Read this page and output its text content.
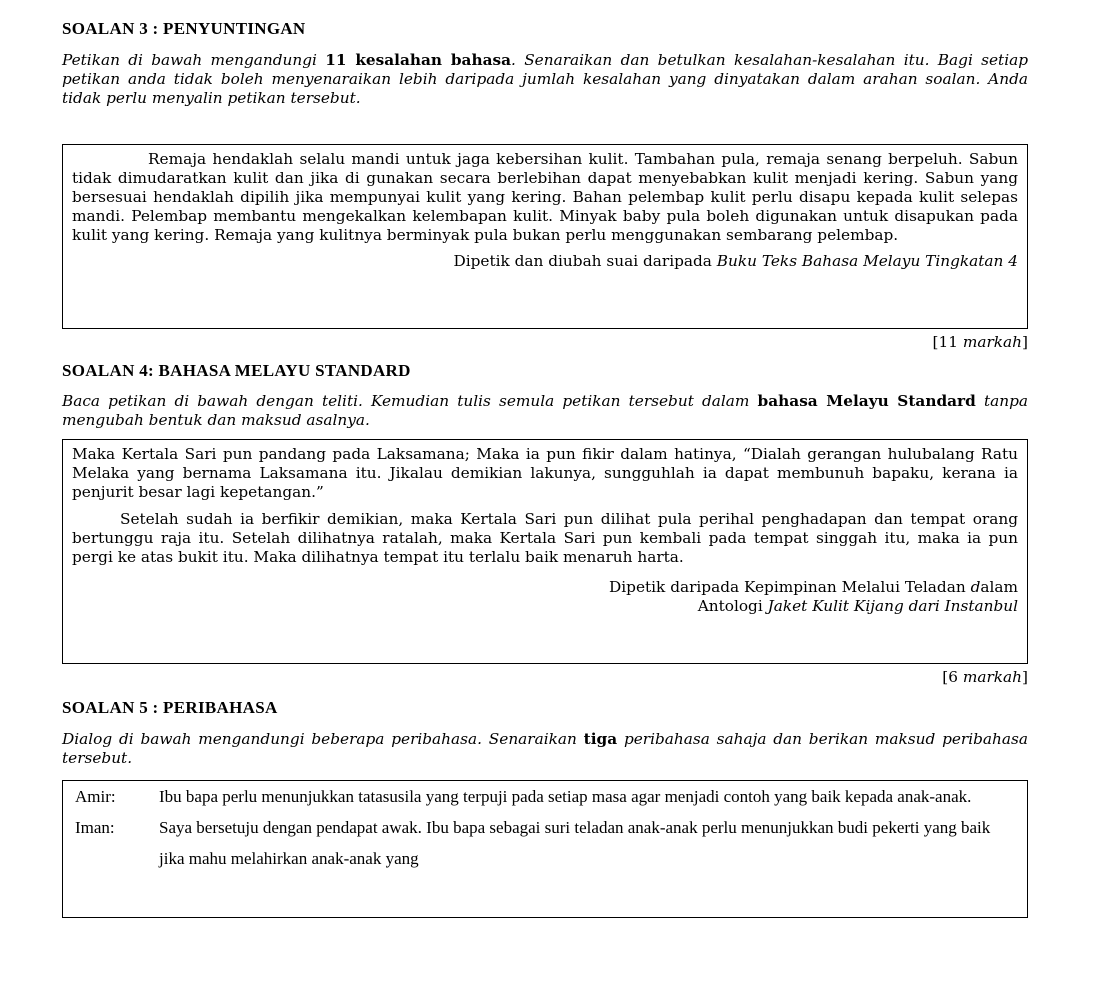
SOALAN 3 : PENYUNTINGAN

Petikan di bawah mengandungi 11 kesalahan bahasa. Senaraikan dan betulkan kesalahan-kesalahan itu. Bagi setiap petikan anda tidak boleh menyenaraikan lebih daripada jumlah kesalahan yang dinyatakan dalam arahan soalan. Anda tidak perlu menyalin petikan tersebut.

Remaja hendaklah selalu mandi untuk jaga kebersihan kulit. Tambahan pula, remaja senang berpeluh. Sabun tidak dimudaratkan kulit dan jika di gunakan secara berlebihan dapat menyebabkan kulit menjadi kering. Sabun yang bersesuai hendaklah dipilih jika mempunyai kulit yang kering. Bahan pelembap kulit perlu disapu kepada kulit selepas mandi. Pelembap membantu mengekalkan kelembapan kulit. Minyak baby pula boleh digunakan untuk disapukan pada kulit yang kering. Remaja yang kulitnya berminyak pula bukan perlu menggunakan sembarang pelembap.

Dipetik dan diubah suai daripada Buku Teks Bahasa Melayu Tingkatan 4

[11 markah]
SOALAN 4: BAHASA MELAYU STANDARD

Baca petikan di bawah dengan teliti. Kemudian tulis semula petikan tersebut dalam bahasa Melayu Standard tanpa mengubah bentuk dan maksud asalnya.

Maka Kertala Sari pun pandang pada Laksamana; Maka ia pun fikir dalam hatinya, “Dialah gerangan hulubalang Ratu Melaka yang bernama Laksamana itu. Jikalau demikian lakunya, sungguhlah ia dapat membunuh bapaku, kerana ia penjurit besar lagi kepetangan.”

Setelah sudah ia berfikir demikian, maka Kertala Sari pun dilihat pula perihal penghadapan dan tempat orang bertunggu raja itu. Setelah dilihatnya ratalah, maka Kertala Sari pun kembali pada tempat singgah itu, maka ia pun pergi ke atas bukit itu. Maka dilihatnya tempat itu terlalu baik menaruh harta.

Dipetik daripada Kepimpinan Melalui Teladan dalam

Antologi Jaket Kulit Kijang dari Instanbul

[6 markah]
SOALAN 5 : PERIBAHASA

Dialog di bawah mengandungi beberapa peribahasa. Senaraikan tiga peribahasa sahaja dan berikan maksud peribahasa tersebut.

Amir:	Ibu bapa perlu menunjukkan tatasusila yang terpuji pada setiap masa agar menjadi contoh yang baik kepada anak-anak.
Iman:	Saya bersetuju dengan pendapat awak. Ibu bapa sebagai suri teladan anak-anak perlu menunjukkan budi pekerti yang baik jika mahu melahirkan anak-anak yang
